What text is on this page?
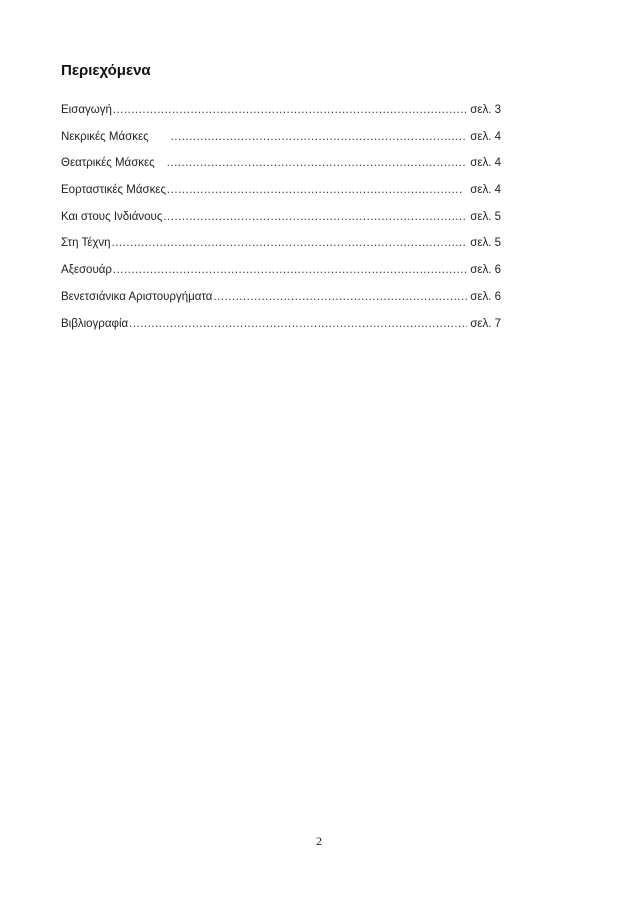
Περιεχόμενα
Εισαγωγή .....	σελ. 3
Νεκρικές Μάσκες .....	σελ. 4
Θεατρικές Μάσκες .....	σελ. 4
Εορταστικές Μάσκες .....	σελ. 4
Και στους Ινδιάνους .....	σελ. 5
Στη Τέχνη .....	σελ. 5
Αξεσουάρ .....	σελ. 6
Βενετσιάνικα Αριστουργήματα .....	σελ. 6
Βιβλιογραφία .....	σελ. 7
2
